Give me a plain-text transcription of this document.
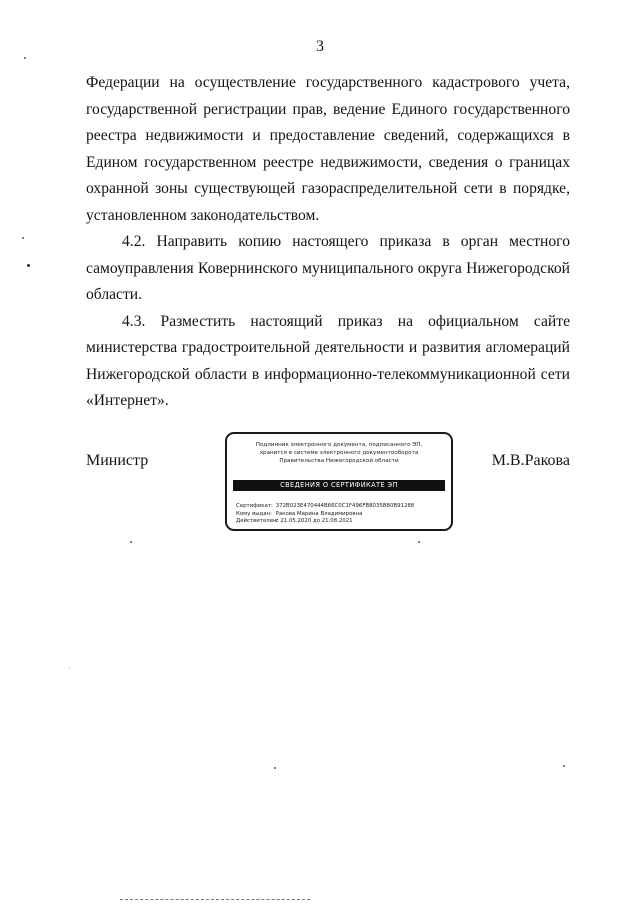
3

Федерации на осуществление государственного кадастрового учета, государственной регистрации прав, ведение Единого государственного реестра недвижимости и предоставление сведений, содержащихся в Едином государственном реестре недвижимости, сведения о границах охранной зоны существующей газораспределительной сети в порядке, установленном законодательством.

4.2. Направить копию настоящего приказа в орган местного самоуправления Ковернинского муниципального округа Нижегородской области.

4.3. Разместить настоящий приказ на официальном сайте министерства градостроительной деятельности и развития агломераций Нижегородской области в информационно-телекоммуникационной сети «Интернет».

Министр
Подлинник электронного документа, подписанного ЭП,
хранится в системе электронного документооборота
Правительства Нижегородской области
СВЕДЕНИЯ О СЕРТИФИКАТЕ ЭП
Сертификат: 372B023E470444B66C0C1F496FB8035B80B91288
Кому выдан: Ракова Марина Владимировна
Действителен: с 21.05.2020 до 21.08.2021
М.В.Ракова
